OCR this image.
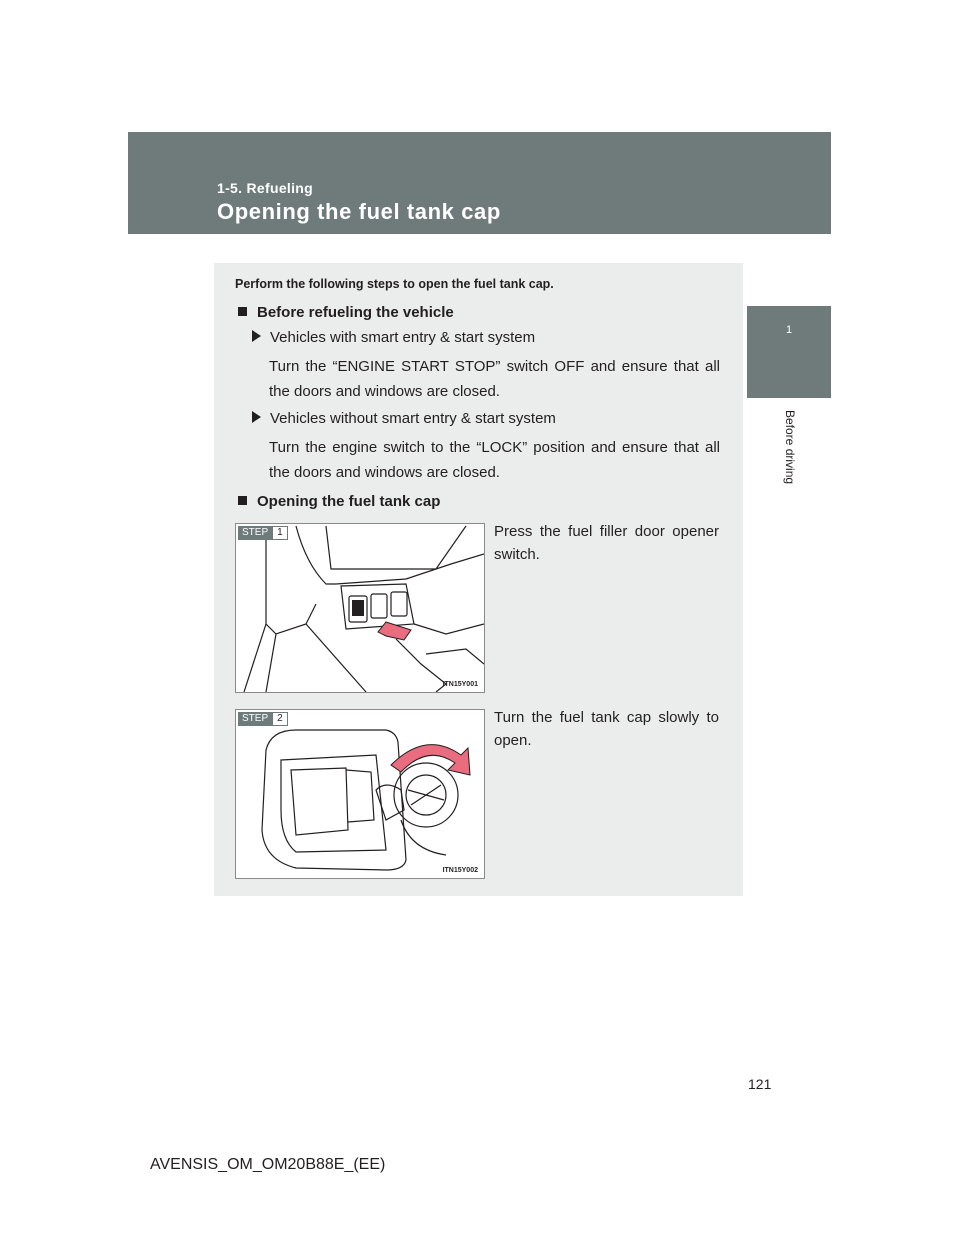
1-5. Refueling
Opening the fuel tank cap
1
Before driving
Perform the following steps to open the fuel tank cap.
Before refueling the vehicle
Vehicles with smart entry & start system
Turn the “ENGINE START STOP” switch OFF and ensure that all the doors and windows are closed.
Vehicles without smart entry & start system
Turn the engine switch to the “LOCK” position and ensure that all the doors and windows are closed.
Opening the fuel tank cap
STEP 1
ITN15Y001
Press the fuel filler door opener switch.
STEP 2
ITN15Y002
Turn the fuel tank cap slowly to open.
121
AVENSIS_OM_OM20B88E_(EE)
